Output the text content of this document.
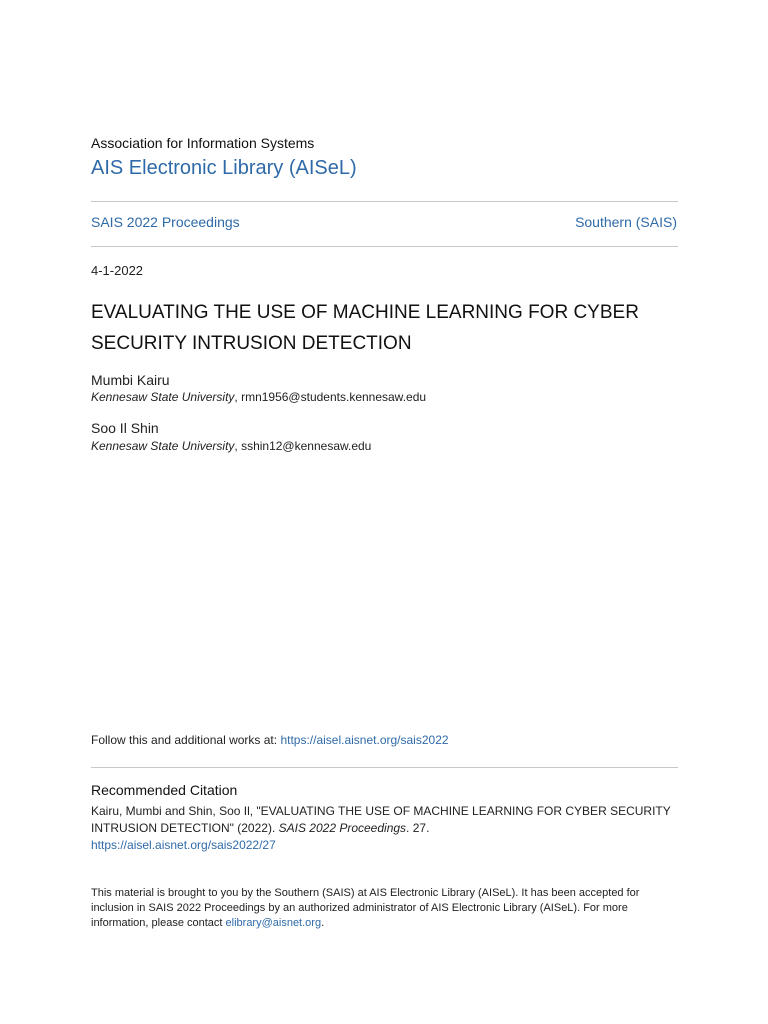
Association for Information Systems
AIS Electronic Library (AISeL)
SAIS 2022 Proceedings	Southern (SAIS)
4-1-2022
EVALUATING THE USE OF MACHINE LEARNING FOR CYBER
SECURITY INTRUSION DETECTION
Mumbi Kairu
Kennesaw State University, rmn1956@students.kennesaw.edu
Soo Il Shin
Kennesaw State University, sshin12@kennesaw.edu
Follow this and additional works at: https://aisel.aisnet.org/sais2022
Recommended Citation
Kairu, Mumbi and Shin, Soo Il, "EVALUATING THE USE OF MACHINE LEARNING FOR CYBER SECURITY
INTRUSION DETECTION" (2022). SAIS 2022 Proceedings. 27.
https://aisel.aisnet.org/sais2022/27
This material is brought to you by the Southern (SAIS) at AIS Electronic Library (AISeL). It has been accepted for
inclusion in SAIS 2022 Proceedings by an authorized administrator of AIS Electronic Library (AISeL). For more
information, please contact elibrary@aisnet.org.
